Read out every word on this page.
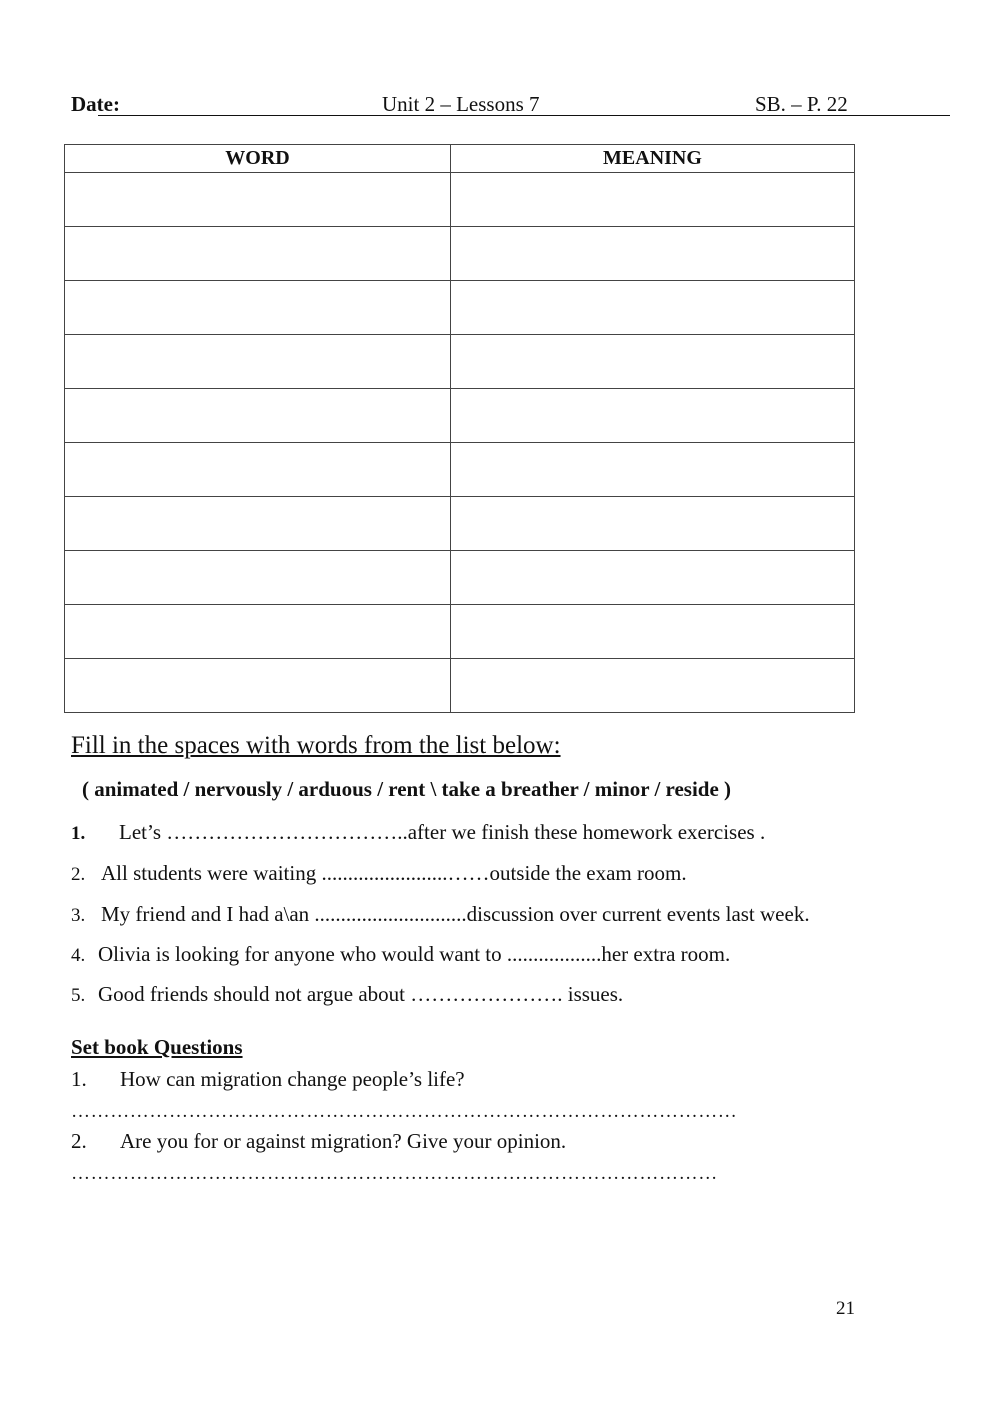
Date:	Unit 2 – Lessons 7	SB. – P. 22
WORD	MEANING

Fill in the spaces with words from the list below:
( animated / nervously / arduous / rent \ take a breather / minor / reside )
1. Let’s ……………………………..after we finish these homework exercises .
2. All students were waiting ........................……outside the exam room.
3. My friend and I had a\an .............................discussion over current events last week.
4. Olivia is looking for anyone who would want to ..................her extra room.
5. Good friends should not argue about …………………. issues.
Set book Questions
1. How can migration change people’s life?
…………………………………………………………………………………………
2. Are you for or against migration? Give your opinion.
………………………………………………………………………………………
21
